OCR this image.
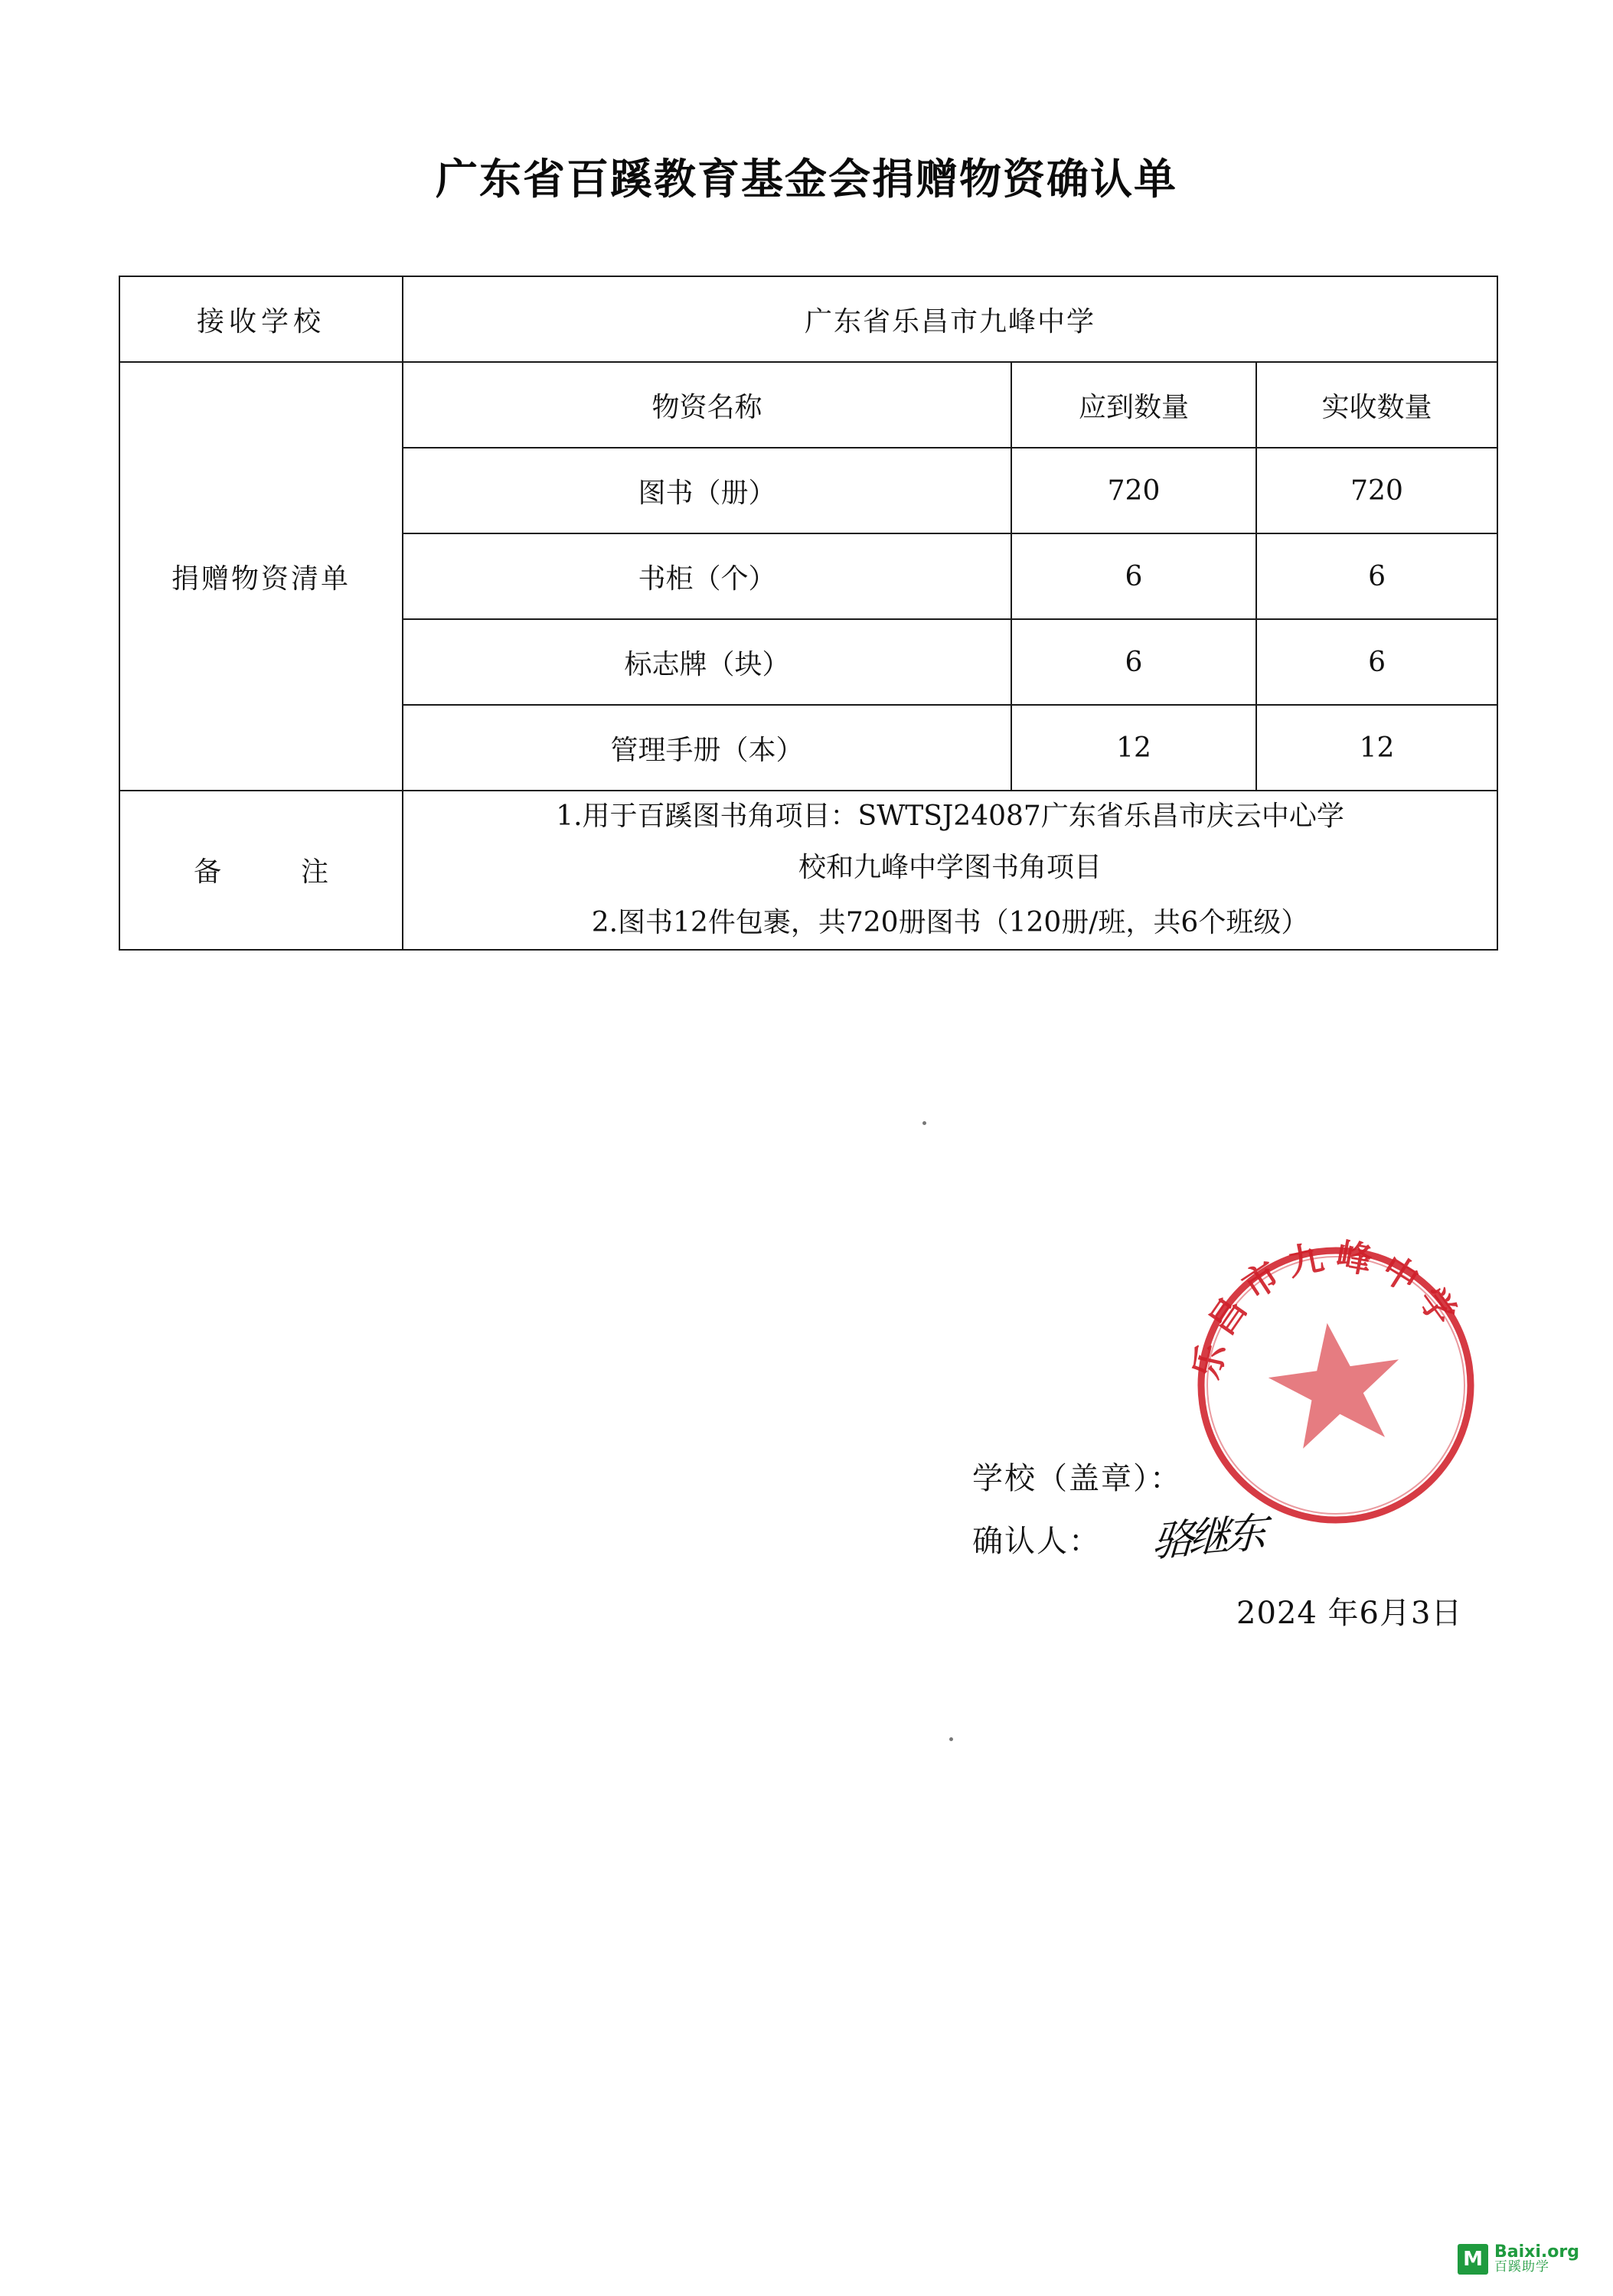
广东省百蹊教育基金会捐赠物资确认单
接收学校	广东省乐昌市九峰中学		
捐赠物资清单	物资名称	应到数量	实收数量
	图书（册）	720	720
	书柜（个）	6	6
	标志牌（块）	6	6
	管理手册（本）	12	12
备　注	1.用于百蹊图书角项目：SWTSJ24087广东省乐昌市庆云中心学
校和九峰中学图书角项目
2.图书12件包裹，共720册图书（120册/班，共6个班级）		
乐昌市九峰中学
学校（盖章）：
确认人： 骆继东
2024 年6月3日
M Baixi.org
百蹊助学
